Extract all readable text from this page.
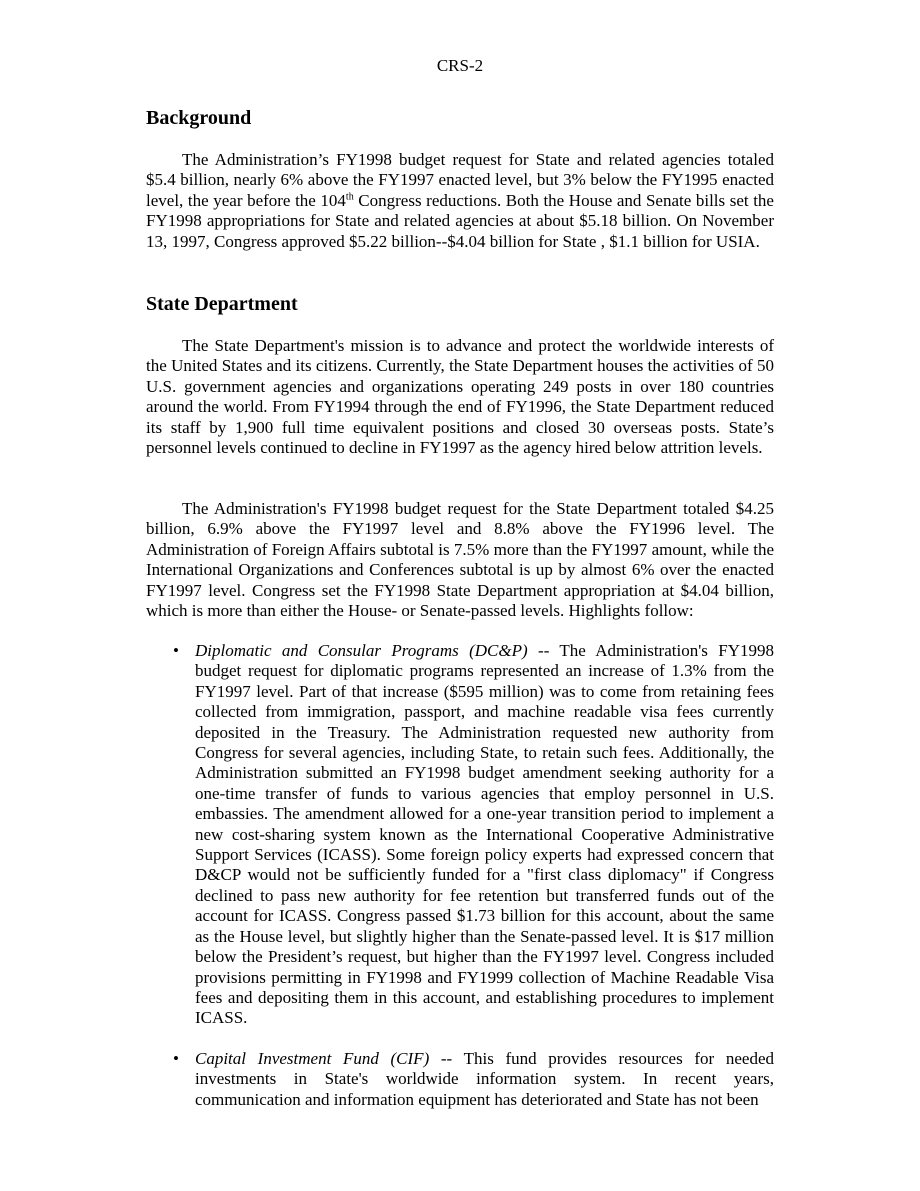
CRS-2
Background

The Administration’s FY1998 budget request for State and related agencies totaled $5.4 billion, nearly 6% above the FY1997 enacted level, but 3% below the FY1995 enacted level, the year before the 104th Congress reductions. Both the House and Senate bills set the FY1998 appropriations for State and related agencies at about $5.18 billion. On November 13, 1997, Congress approved $5.22 billion--$4.04 billion for State , $1.1 billion for USIA.

State Department

The State Department's mission is to advance and protect the worldwide interests of the United States and its citizens. Currently, the State Department houses the activities of 50 U.S. government agencies and organizations operating 249 posts in over 180 countries around the world. From FY1994 through the end of FY1996, the State Department reduced its staff by 1,900 full time equivalent positions and closed 30 overseas posts. State’s personnel levels continued to decline in FY1997 as the agency hired below attrition levels.

The Administration's FY1998 budget request for the State Department totaled $4.25 billion, 6.9% above the FY1997 level and 8.8% above the FY1996 level. The Administration of Foreign Affairs subtotal is 7.5% more than the FY1997 amount, while the International Organizations and Conferences subtotal is up by almost 6% over the enacted FY1997 level. Congress set the FY1998 State Department appropriation at $4.04 billion, which is more than either the House- or Senate-passed levels. Highlights follow:

• Diplomatic and Consular Programs (DC&P) -- The Administration's FY1998 budget request for diplomatic programs represented an increase of 1.3% from the FY1997 level. Part of that increase ($595 million) was to come from retaining fees collected from immigration, passport, and machine readable visa fees currently deposited in the Treasury. The Administration requested new authority from Congress for several agencies, including State, to retain such fees. Additionally, the Administration submitted an FY1998 budget amendment seeking authority for a one-time transfer of funds to various agencies that employ personnel in U.S. embassies. The amendment allowed for a one-year transition period to implement a new cost-sharing system known as the International Cooperative Administrative Support Services (ICASS). Some foreign policy experts had expressed concern that D&CP would not be sufficiently funded for a "first class diplomacy" if Congress declined to pass new authority for fee retention but transferred funds out of the account for ICASS. Congress passed $1.73 billion for this account, about the same as the House level, but slightly higher than the Senate-passed level. It is $17 million below the President’s request, but higher than the FY1997 level. Congress included provisions permitting in FY1998 and FY1999 collection of Machine Readable Visa fees and depositing them in this account, and establishing procedures to implement ICASS.
• Capital Investment Fund (CIF) -- This fund provides resources for needed investments in State's worldwide information system. In recent years, communication and information equipment has deteriorated and State has not been
